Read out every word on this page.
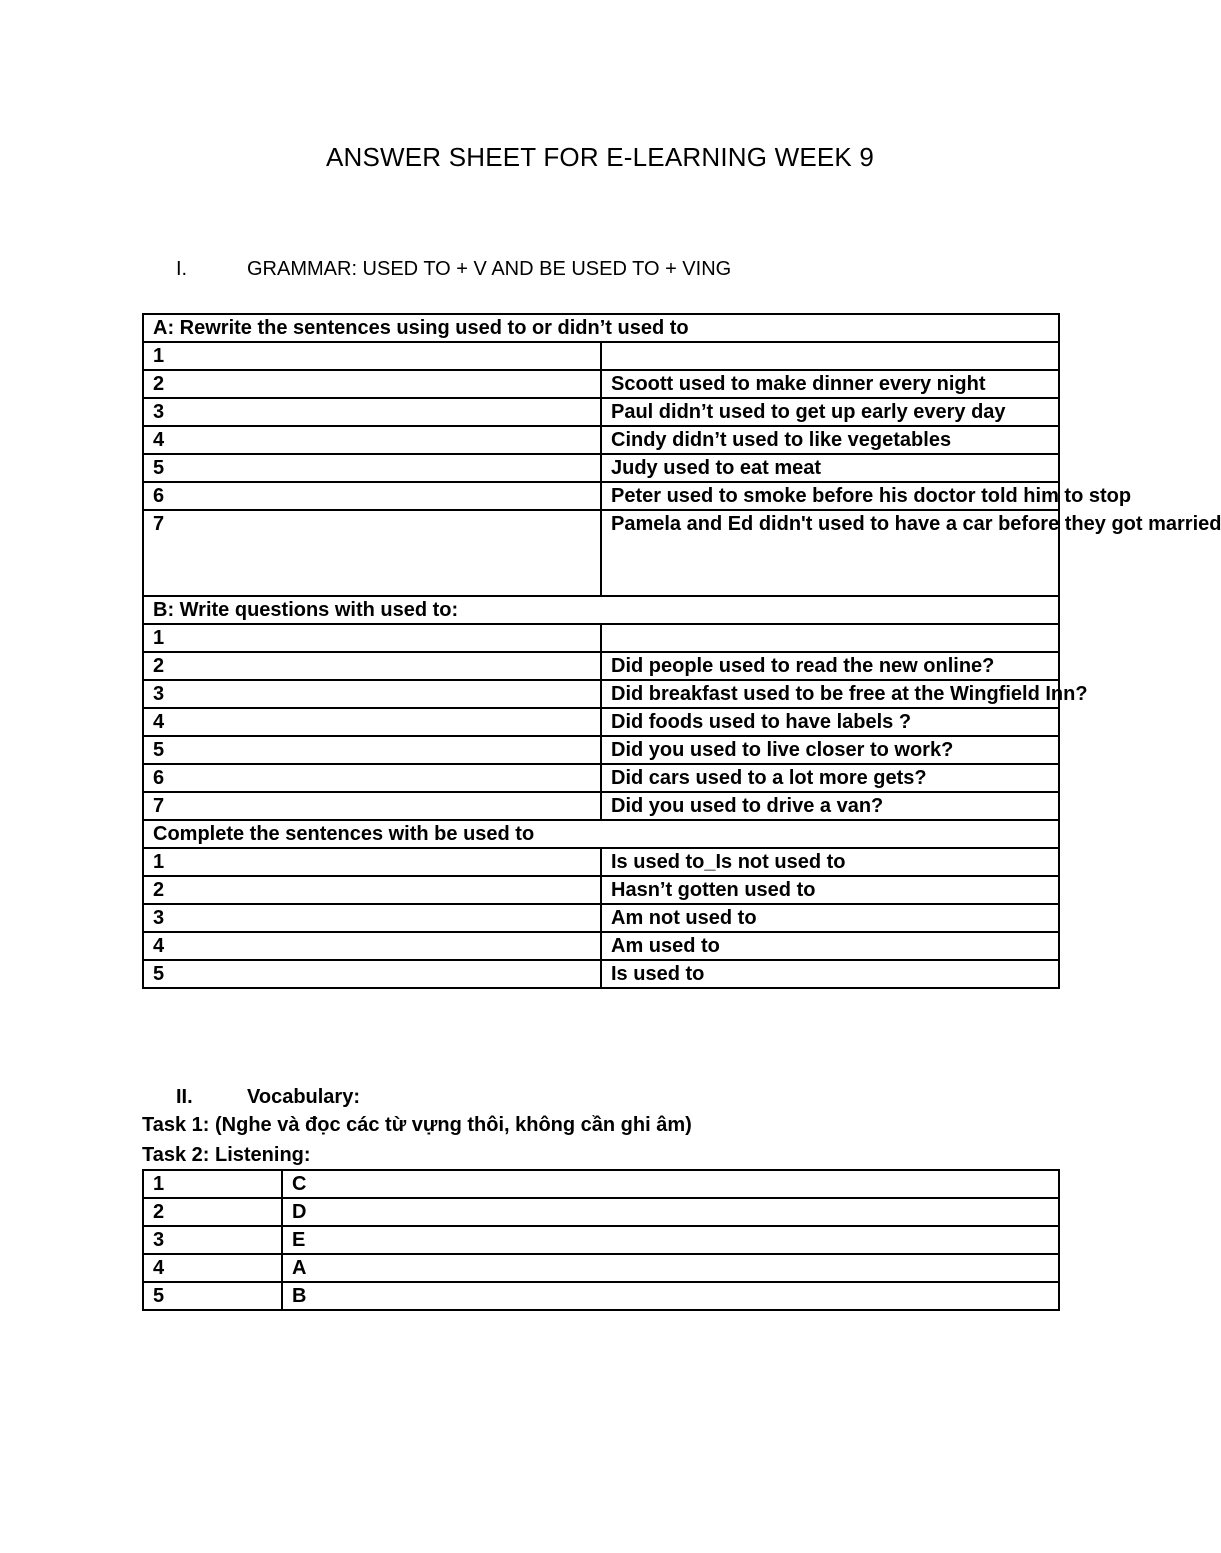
ANSWER SHEET FOR E-LEARNING WEEK 9
I.	GRAMMAR: USED TO + V AND BE USED TO + VING
A: Rewrite the sentences using used to or didn’t used to	
1	
2	Scoott used to make dinner every night
3	Paul didn’t used to get up early every day
4	Cindy didn’t used to like vegetables
5	Judy used to eat meat
6	Peter used to smoke before his doctor told him to stop
7	Pamela and Ed didn't used to have a car before they got married
B: Write questions with used to:	
1	
2	Did people used to read the new online?
3	Did breakfast used to be free at the Wingfield Inn?
4	Did foods used to have labels ?
5	Did you used to live closer to work?
6	Did cars used to a lot more gets?
7	Did you used to drive a van?
Complete the sentences with be used to	
1	Is used to_Is not used to
2	Hasn’t gotten used to
3	Am not used to
4	Am used to
5	Is used to
II.	Vocabulary:
Task 1: (Nghe và đọc các từ vựng thôi, không cần ghi âm)
Task 2: Listening:
1	C
2	D
3	E
4	A
5	B
